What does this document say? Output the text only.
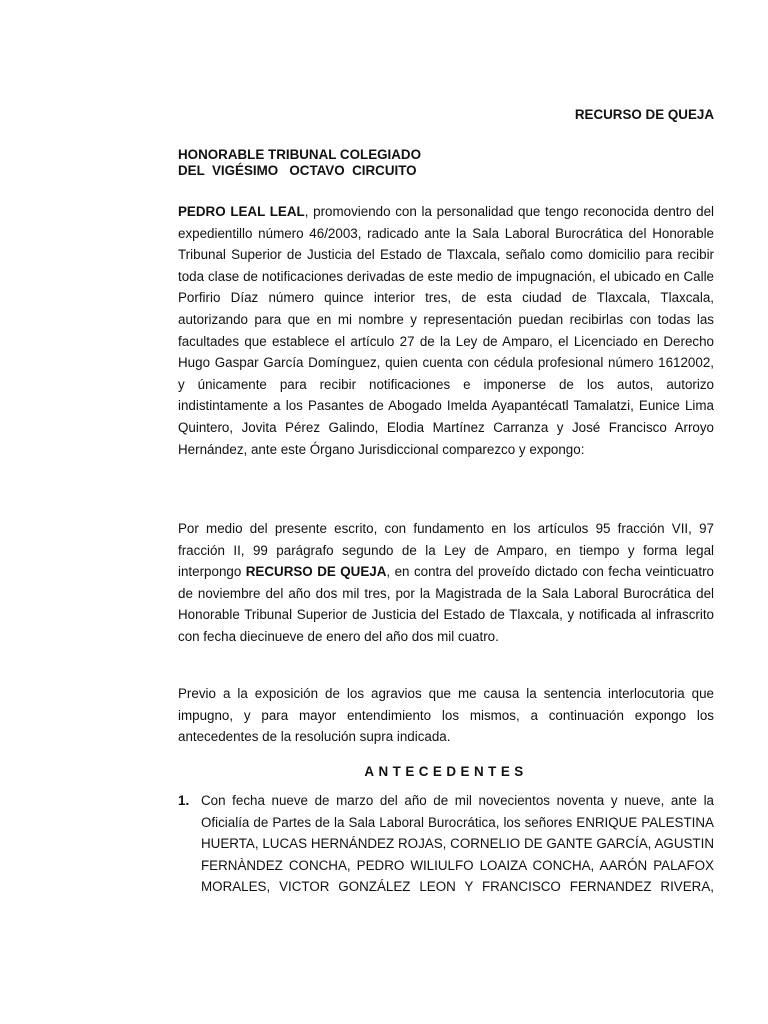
RECURSO DE QUEJA

HONORABLE TRIBUNAL COLEGIADO
DEL  VIGÉSIMO   OCTAVO  CIRCUITO

PEDRO LEAL LEAL, promoviendo con la personalidad que tengo reconocida dentro del expedientillo número 46/2003, radicado ante la Sala Laboral Burocrática del Honorable Tribunal Superior de Justicia del Estado de Tlaxcala, señalo como domicilio para recibir toda clase de notificaciones derivadas de este medio de impugnación, el ubicado en Calle Porfirio Díaz número quince interior tres, de esta ciudad de Tlaxcala, Tlaxcala, autorizando para que en mi nombre y representación puedan recibirlas con todas las facultades que establece el artículo 27 de la Ley de Amparo, el Licenciado en Derecho Hugo Gaspar García Domínguez, quien cuenta con cédula profesional número 1612002, y únicamente para recibir notificaciones e imponerse de los autos, autorizo indistintamente a los Pasantes de Abogado Imelda Ayapantécatl Tamalatzi, Eunice Lima Quintero, Jovita Pérez Galindo, Elodia Martínez Carranza y José Francisco Arroyo Hernández, ante este Órgano Jurisdiccional comparezco y expongo:

Por medio del presente escrito, con fundamento en los artículos 95 fracción VII, 97 fracción II, 99 parágrafo segundo de la Ley de Amparo, en tiempo y forma legal interpongo RECURSO DE QUEJA, en contra del proveído dictado con fecha veinticuatro de noviembre del año dos mil tres, por la Magistrada de la Sala Laboral Burocrática del Honorable Tribunal Superior de Justicia del Estado de Tlaxcala, y notificada al infrascrito con fecha diecinueve de enero del año dos mil cuatro.

Previo a la exposición de los agravios que me causa la sentencia interlocutoria que impugno, y para mayor entendimiento los mismos, a continuación expongo los antecedentes de la resolución supra indicada.

ANTECEDENTES

1. Con fecha nueve de marzo del año de mil novecientos noventa y nueve, ante la Oficialía de Partes de la Sala Laboral Burocrática, los señores ENRIQUE PALESTINA HUERTA, LUCAS HERNÁNDEZ ROJAS, CORNELIO DE GANTE GARCÍA, AGUSTIN FERNÀNDEZ CONCHA, PEDRO WILIULFO LOAIZA CONCHA, AARÓN PALAFOX MORALES, VICTOR GONZÁLEZ LEON Y FRANCISCO FERNANDEZ RIVERA,
